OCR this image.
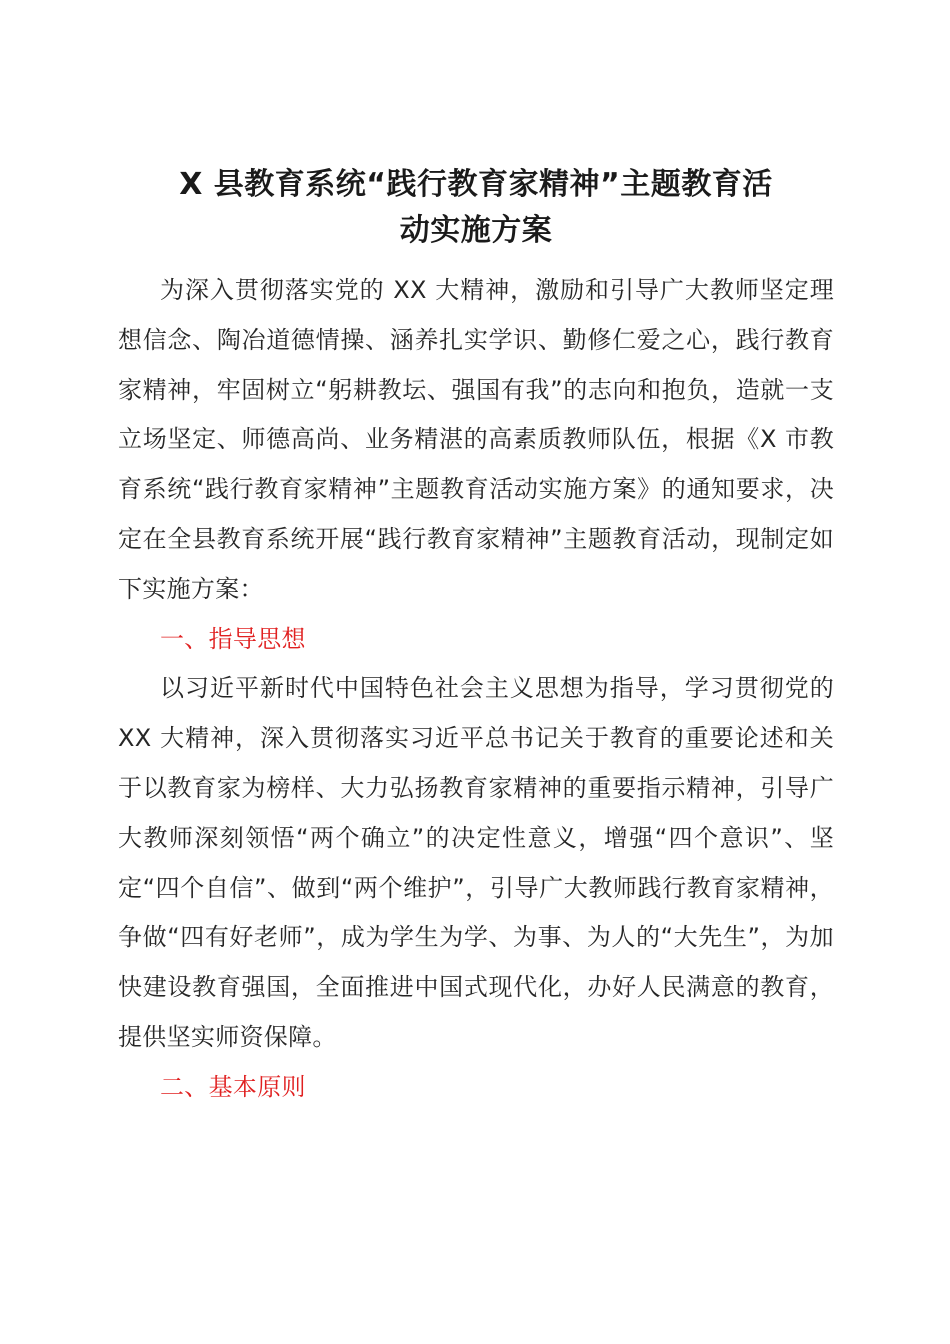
X 县教育系统“践行教育家精神”主题教育活
动实施方案

为深入贯彻落实党的 XX 大精神，激励和引导广大教师坚定理想信念、陶冶道德情操、涵养扎实学识、勤修仁爱之心，践行教育家精神，牢固树立“躬耕教坛、强国有我”的志向和抱负，造就一支立场坚定、师德高尚、业务精湛的高素质教师队伍，根据《X 市教育系统“践行教育家精神”主题教育活动实施方案》的通知要求，决定在全县教育系统开展“践行教育家精神”主题教育活动，现制定如下实施方案：

一、指导思想

以习近平新时代中国特色社会主义思想为指导，学习贯彻党的 XX 大精神，深入贯彻落实习近平总书记关于教育的重要论述和关于以教育家为榜样、大力弘扬教育家精神的重要指示精神，引导广大教师深刻领悟“两个确立”的决定性意义，增强“四个意识”、坚定“四个自信”、做到“两个维护”，引导广大教师践行教育家精神，争做“四有好老师”，成为学生为学、为事、为人的“大先生”，为加快建设教育强国，全面推进中国式现代化，办好人民满意的教育，提供坚实师资保障。

二、基本原则
